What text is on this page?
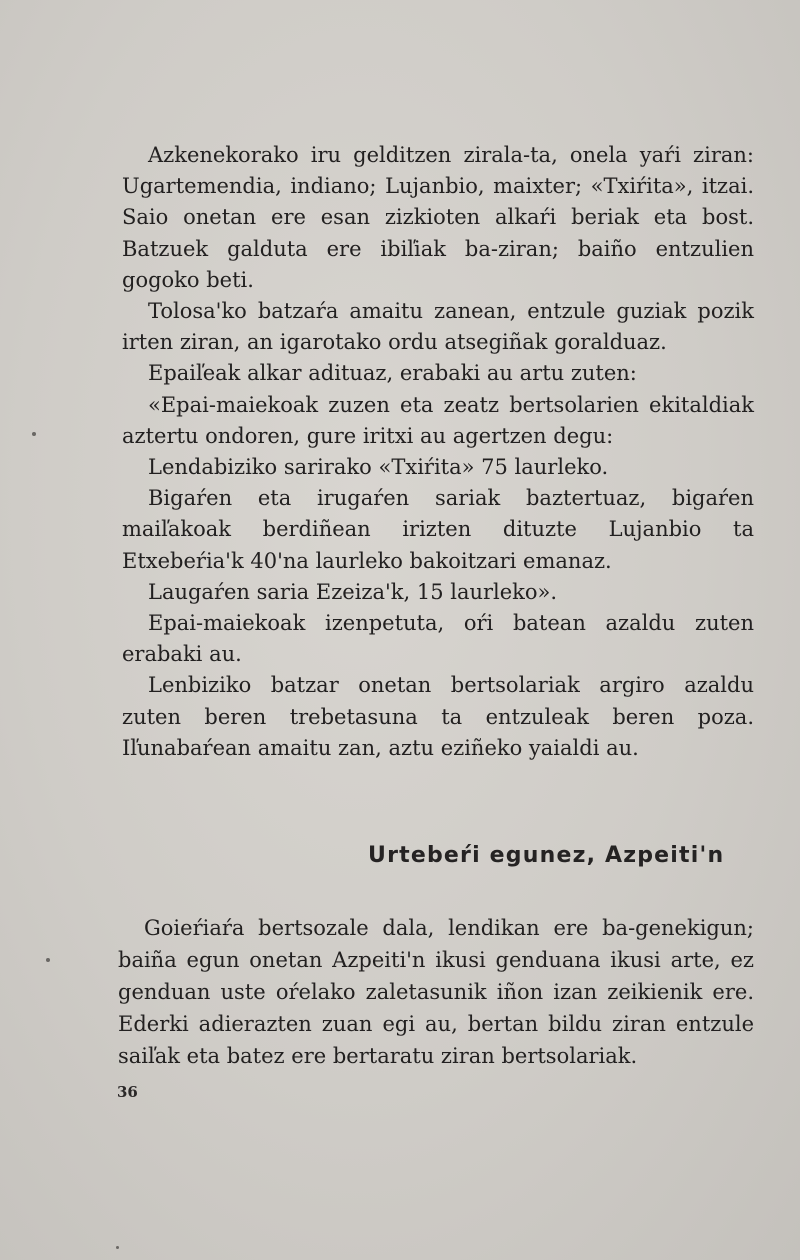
Azkenekorako iru gelditzen zirala-ta, onela yaŕi ziran: Ugartemendia, indiano; Lujanbio, maixter; «Txiŕita», itzai. Saio onetan ere esan zizkioten alkaŕi beriak eta bost. Batzuek galduta ere ibiľiak ba-ziran; baiño entzulien gogoko beti.

Tolosa'ko batzaŕa amaitu zanean, entzule guziak pozik irten ziran, an igarotako ordu atsegiñak goralduaz.

Epaiľeak alkar adituaz, erabaki au artu zuten:

«Epai-maiekoak zuzen eta zeatz bertsolarien ekitaldiak aztertu ondoren, gure iritxi au agertzen degu:

Lendabiziko sarirako «Txiŕita» 75 laurleko.

Bigaŕen eta irugaŕen sariak baztertuaz, bigaŕen maiľakoak berdiñean irizten dituzte Lujanbio ta Etxebeŕia'k 40'na laurleko bakoitzari emanaz.

Laugaŕen saria Ezeiza'k, 15 laurleko».

Epai-maiekoak izenpetuta, oŕi batean azaldu zuten erabaki au.

Lenbiziko batzar onetan bertsolariak argiro azaldu zuten beren trebetasuna ta entzuleak beren poza. Iľunabaŕean amaitu zan, aztu eziñeko yaialdi au.

Urtebeŕi egunez, Azpeiti'n

Goieŕiaŕa bertsozale dala, lendikan ere ba-genekigun; baiña egun onetan Azpeiti'n ikusi genduana ikusi arte, ez genduan uste oŕelako zaletasunik iñon izan zeikienik ere. Ederki adierazten zuan egi au, bertan bildu ziran entzule saiľak eta batez ere bertaratu ziran bertsolariak.

36
